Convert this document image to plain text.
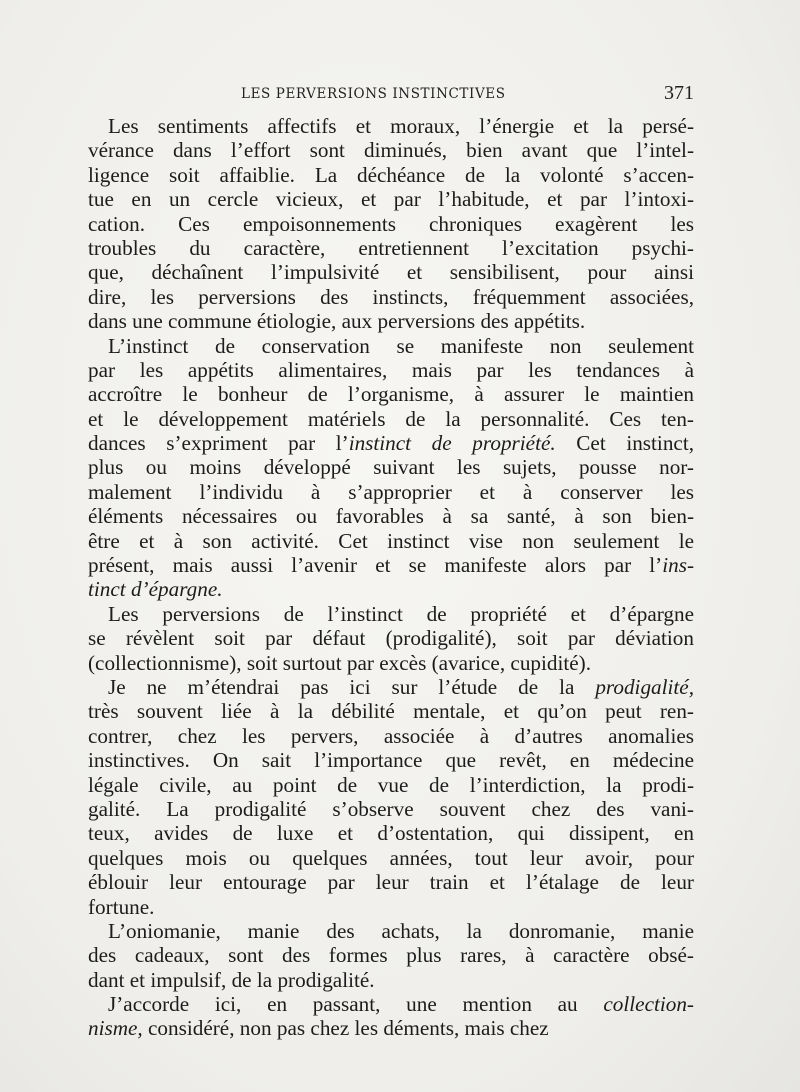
LES PERVERSIONS INSTINCTIVES	371
Les sentiments affectifs et moraux, l’énergie et la persé-
vérance dans l’effort sont diminués, bien avant que l’intel-
ligence soit affaiblie. La déchéance de la volonté s’accen-
tue en un cercle vicieux, et par l’habitude, et par l’intoxi-
cation. Ces empoisonnements chroniques exagèrent les
troubles du caractère, entretiennent l’excitation psychi-
que, déchaînent l’impulsivité et sensibilisent, pour ainsi
dire, les perversions des instincts, fréquemment associées,
dans une commune étiologie, aux perversions des appétits.
L’instinct de conservation se manifeste non seulement
par les appétits alimentaires, mais par les tendances à
accroître le bonheur de l’organisme, à assurer le maintien
et le développement matériels de la personnalité. Ces ten-
dances s’expriment par l’instinct de propriété. Cet instinct,
plus ou moins développé suivant les sujets, pousse nor-
malement l’individu à s’approprier et à conserver les
éléments nécessaires ou favorables à sa santé, à son bien-
être et à son activité. Cet instinct vise non seulement le
présent, mais aussi l’avenir et se manifeste alors par l’ins-
tinct d’épargne.
Les perversions de l’instinct de propriété et d’épargne
se révèlent soit par défaut (prodigalité), soit par déviation
(collectionnisme), soit surtout par excès (avarice, cupidité).
Je ne m’étendrai pas ici sur l’étude de la prodigalité,
très souvent liée à la débilité mentale, et qu’on peut ren-
contrer, chez les pervers, associée à d’autres anomalies
instinctives. On sait l’importance que revêt, en médecine
légale civile, au point de vue de l’interdiction, la prodi-
galité. La prodigalité s’observe souvent chez des vani-
teux, avides de luxe et d’ostentation, qui dissipent, en
quelques mois ou quelques années, tout leur avoir, pour
éblouir leur entourage par leur train et l’étalage de leur
fortune.
L’oniomanie, manie des achats, la donromanie, manie
des cadeaux, sont des formes plus rares, à caractère obsé-
dant et impulsif, de la prodigalité.
J’accorde ici, en passant, une mention au collection-
nisme, considéré, non pas chez les déments, mais chez
